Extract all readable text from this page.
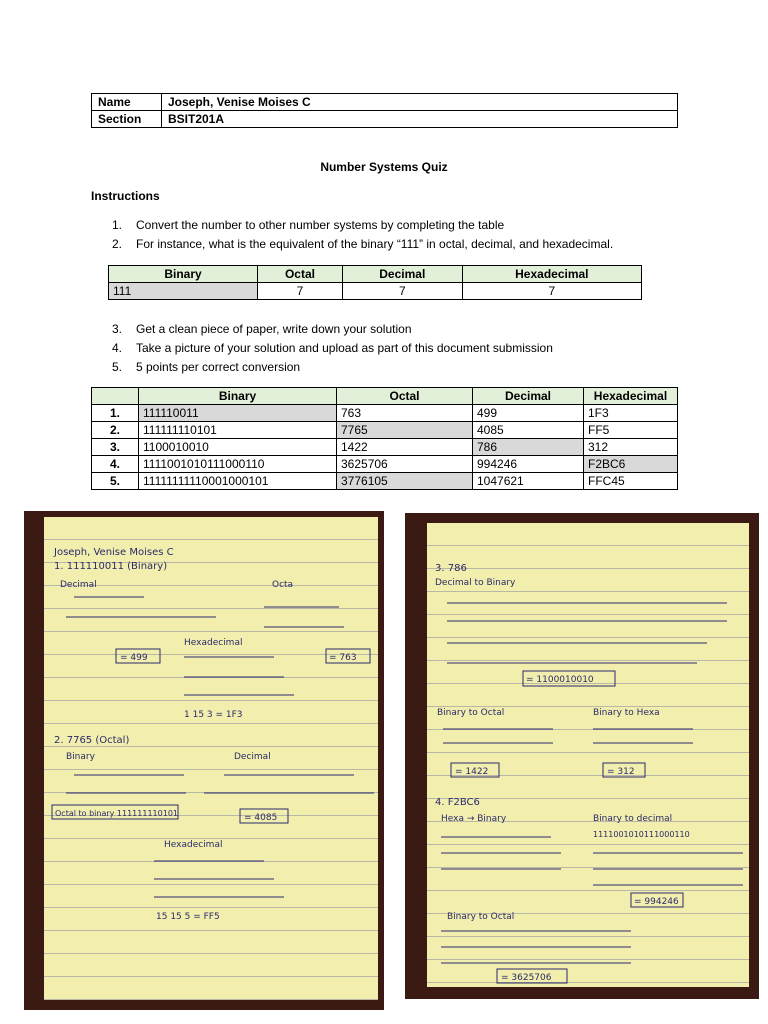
Name	Joseph, Venise Moises C
Section	BSIT201A
Number Systems Quiz
Instructions
1. Convert the number to other number systems by completing the table
2. For instance, what is the equivalent of the binary “111” in octal, decimal, and hexadecimal.
Binary	Octal	Decimal	Hexadecimal
111	7	7	7
3. Get a clean piece of paper, write down your solution
4. Take a picture of your solution and upload as part of this document submission
5. 5 points per correct conversion
	Binary	Octal	Decimal	Hexadecimal
1.	111110011	763	499	1F3
2.	111111110101	7765	4085	FF5
3.	1100010010	1422	786	312
4.	1111001010111000110	3625706	994246	F2BC6
5.	11111111110001000101	3776105	1047621	FFC45
Joseph, Venise Moises C
1. 111110011 (Binary)
Decimal	Octa
= 499	= 763
Hexadecimal
1 15 3 = 1F3
2. 7765 (Octal)
Binary	Decimal
Octal to binary 111111110101	= 4085
Hexadecimal
15 15 5 = FF5
3. 786
Decimal to Binary
= 1100010010
Binary to Octal	Binary to Hexa
= 1422	= 312
4. F2BC6
Hexa → Binary	Binary to decimal
1111001010111000110
= 994246
Binary to Octal
= 3625706
